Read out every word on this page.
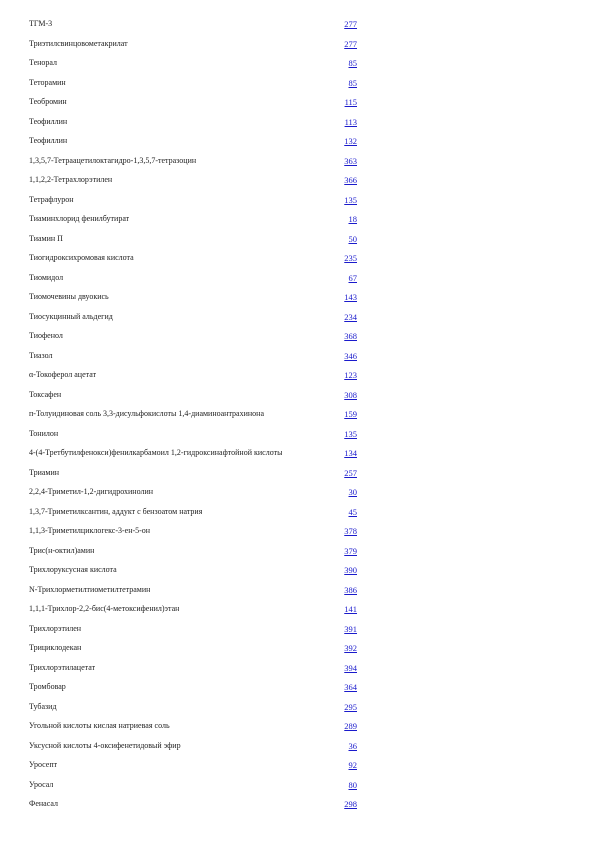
ТГМ-3	277
Триэтилсвинцовометакрилат	277
Тенорал	85
Теторамин	85
Теобромин	115
Теофиллин	113
Теофиллин	132
1,3,5,7-Тетраацетилоктагидро-1,3,5,7-тетразоцин	363
1,1,2,2-Тетрахлорэтилен	366
Тетрафлурон	135
Тиаминхлорид фенилбутират	18
Тиамин П	50
Тиогидроксихромовая кислота	235
Тиомидол	67
Тиомочевины двуокись	143
Тиосукцинный альдегид	234
Тиофенол	368
Тиазол	346
α-Токоферол ацетат	123
Токсафен	308
п-Толуидиновая соль 3,3-дисульфокислоты 1,4-диаминоантрахинона	159
Тонилон	135
4-(4-Третбутилфенокси)фенилкарбамоил 1,2-гидроксинафтойной кислоты	134
Триамин	257
2,2,4-Триметил-1,2-дигидрохинолин	30
1,3,7-Триметилксантин, аддукт с бензоатом натрия	45
1,1,3-Триметилциклогекс-3-ен-5-он	378
Трис(н-октил)амин	379
Трихлоруксусная кислота	390
N-Трихлорметилтиометилтетрамин	386
1,1,1-Трихлор-2,2-бис(4-метоксифенил)этан	141
Трихлорэтилен	391
Трициклодекан	392
Трихлорэтилацетат	394
Тромбовар	364
Тубазид	295
Угольной кислоты кислая натриевая соль	289
Уксусной кислоты 4-оксифенетидовый эфир	36
Уросепт	92
Уросал	80
Фенасал	298
